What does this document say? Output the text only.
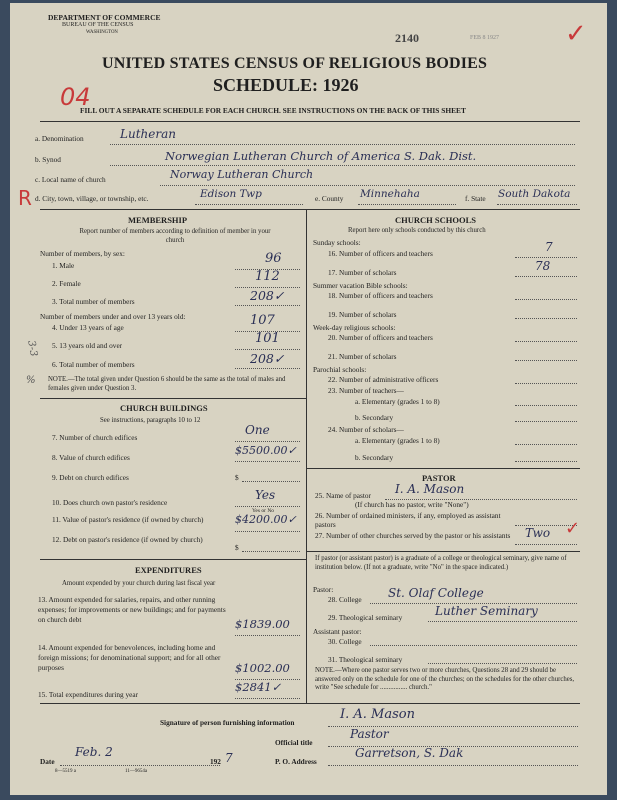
DEPARTMENT OF COMMERCE
BUREAU OF THE CENSUS
WASHINGTON	2140	FEB 8 1927	✓
UNITED STATES CENSUS OF RELIGIOUS BODIES
SCHEDULE: 1926
04
FILL OUT A SEPARATE SCHEDULE FOR EACH CHURCH. SEE INSTRUCTIONS ON THE BACK OF THIS SHEET
a. Denomination	Lutheran
b. Synod	Norwegian Lutheran Church of America S. Dak. Dist.
c. Local name of church	Norway Lutheran Church
d. City, town, village, or township, etc.	Edison Twp	e. County Minnehaha	f. State South Dakota
R
MEMBERSHIP
Report number of members according to definition of member in your church
Number of members, by sex:
1. Male	96
2. Female	112
3. Total number of members	208✓
Number of members under and over 13 years old:
4. Under 13 years of age	107
5. 13 years old and over	101
6. Total number of members	208✓
NOTE.—The total given under Question 6 should be the same as the total of males and females given under Question 3.
3-3
%
CHURCH BUILDINGS
See instructions, paragraphs 10 to 12
7. Number of church edifices
One
8. Value of church edifices
$5500.00✓
9. Debt on church edifices	$
10. Does church own pastor's residence
Yes
Yes or No
11. Value of pastor's residence (if owned by church)	$4200.00✓
12. Debt on pastor's residence (if owned by church)
$
EXPENDITURES
Amount expended by your church during last fiscal year
13. Amount expended for salaries, repairs, and other running expenses; for improvements or new buildings; and for payments on church debt	$1839.00
14. Amount expended for benevolences, including home and foreign missions; for denominational support; and for all other purposes	$1002.00
15. Total expenditures during year
$2841✓
CHURCH SCHOOLS
Report here only schools conducted by this church
Sunday schools:
16. Number of officers and teachers	7
17. Number of scholars	78
Summer vacation Bible schools:
18. Number of officers and teachers
19. Number of scholars
Week-day religious schools:
20. Number of officers and teachers
21. Number of scholars
Parochial schools:
22. Number of administrative officers
23. Number of teachers—
a. Elementary (grades 1 to 8)
b. Secondary
24. Number of scholars—
a. Elementary (grades 1 to 8)
b. Secondary
PASTOR
25. Name of pastor I. A. Mason
(If church has no pastor, write "None")
26. Number of ordained ministers, if any, employed as assistant pastors
27. Number of other churches served by the pastor or his assistants	Two
If pastor (or assistant pastor) is a graduate of a college or theological seminary, give name of institution below. (If not a graduate, write "No" in the space indicated.)
Pastor:
28. College St. Olaf College
29. Theological seminary	Luther Seminary
Assistant pastor:
30. College
31. Theological seminary
NOTE.—Where one pastor serves two or more churches, Questions 28 and 29 should be answered only on the schedule for one of the churches; on the schedules for the other churches, write "See schedule for ................ church."
Signature of person furnishing information
I. A. Mason
Official title
Pastor
Date
Feb. 2
192 7	P. O. Address
Garretson, S. Dak
8—5519 a	11—9654a
✓
